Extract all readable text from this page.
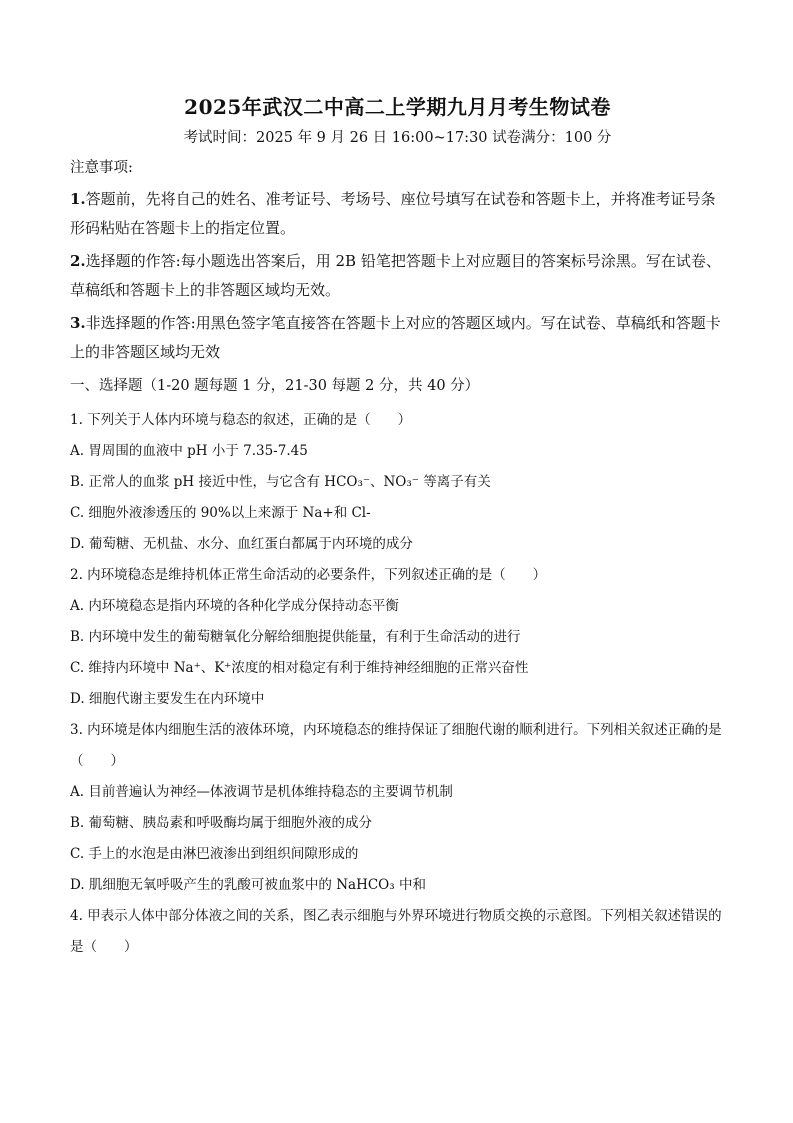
2025年武汉二中高二上学期九月月考生物试卷
考试时间：2025 年 9 月 26 日 16:00~17:30 试卷满分：100 分
注意事项:
1.答题前，先将自己的姓名、准考证号、考场号、座位号填写在试卷和答题卡上，并将准考证号条形码粘贴在答题卡上的指定位置。
2.选择题的作答:每小题选出答案后，用 2B 铅笔把答题卡上对应题目的答案标号涂黑。写在试卷、草稿纸和答题卡上的非答题区域均无效。
3.非选择题的作答:用黑色签字笔直接答在答题卡上对应的答题区域内。写在试卷、草稿纸和答题卡上的非答题区域均无效
一、选择题（1-20 题每题 1 分，21-30 每题 2 分，共 40 分）
1. 下列关于人体内环境与稳态的叙述，正确的是（　　）
A. 胃周围的血液中 pH 小于 7.35-7.45
B. 正常人的血浆 pH 接近中性，与它含有 HCO₃⁻、NO₃⁻ 等离子有关
C. 细胞外液渗透压的 90%以上来源于 Na+和 Cl-
D. 葡萄糖、无机盐、水分、血红蛋白都属于内环境的成分
2. 内环境稳态是维持机体正常生命活动的必要条件，下列叙述正确的是（　　）
A. 内环境稳态是指内环境的各种化学成分保持动态平衡
B. 内环境中发生的葡萄糖氧化分解给细胞提供能量，有利于生命活动的进行
C. 维持内环境中 Na⁺、K⁺浓度的相对稳定有利于维持神经细胞的正常兴奋性
D. 细胞代谢主要发生在内环境中
3. 内环境是体内细胞生活的液体环境，内环境稳态的维持保证了细胞代谢的顺利进行。下列相关叙述正确的是（　　）
A. 目前普遍认为神经—体液调节是机体维持稳态的主要调节机制
B. 葡萄糖、胰岛素和呼吸酶均属于细胞外液的成分
C. 手上的水泡是由淋巴液渗出到组织间隙形成的
D. 肌细胞无氧呼吸产生的乳酸可被血浆中的 NaHCO₃ 中和
4. 甲表示人体中部分体液之间的关系，图乙表示细胞与外界环境进行物质交换的示意图。下列相关叙述错误的是（　　）
